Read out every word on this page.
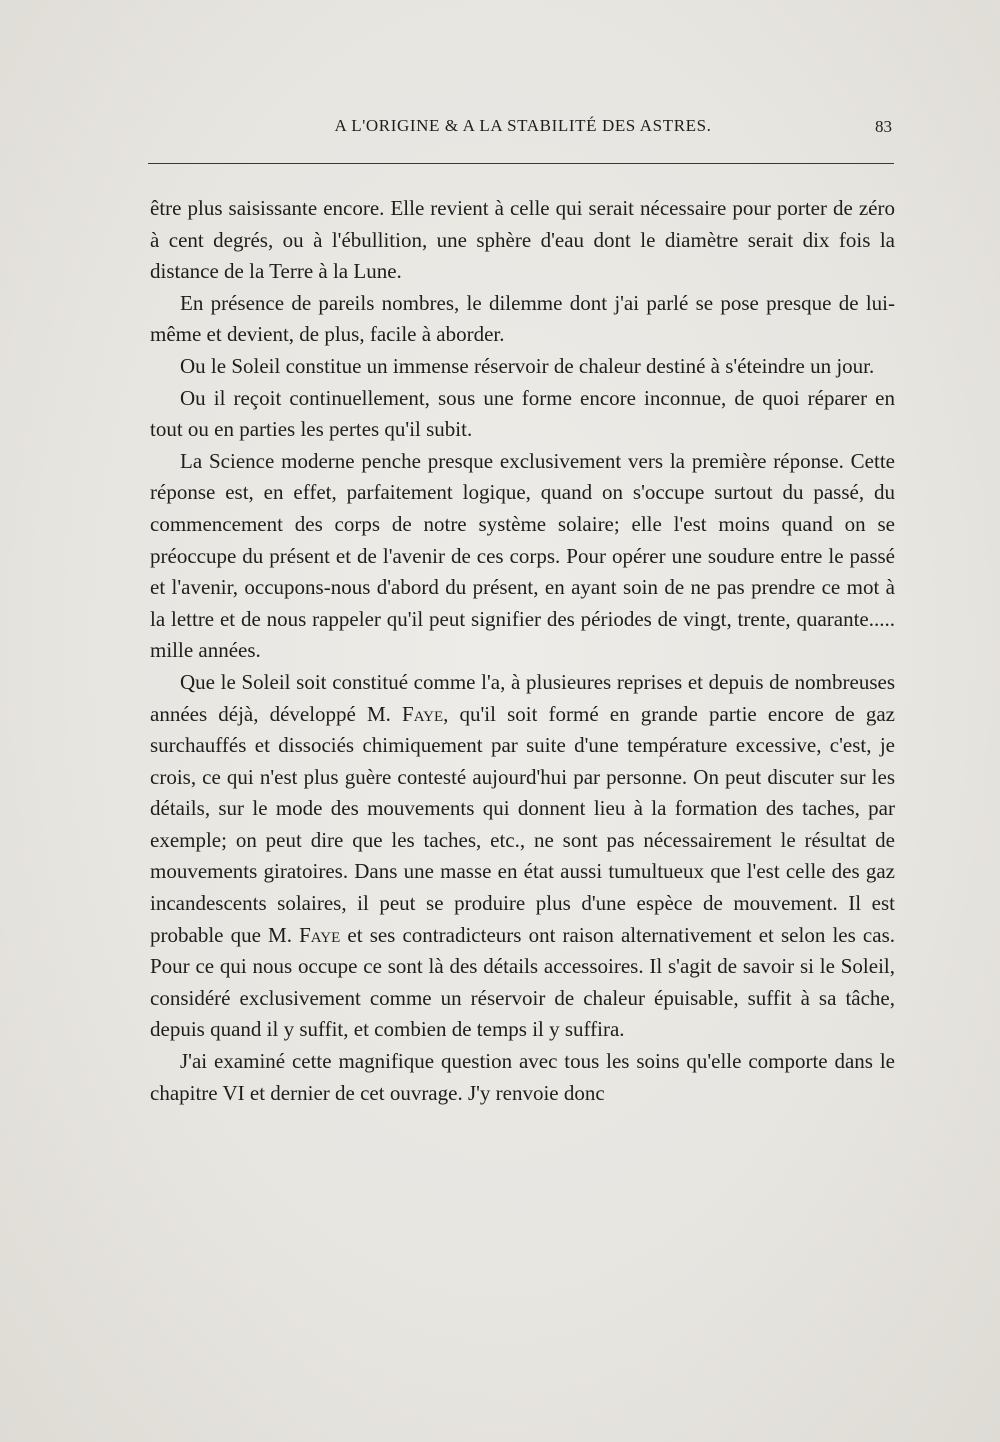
A L'ORIGINE & A LA STABILITÉ DES ASTRES.	83

être plus saisissante encore. Elle revient à celle qui serait nécessaire pour porter de zéro à cent degrés, ou à l'ébullition, une sphère d'eau dont le diamètre serait dix fois la distance de la Terre à la Lune.

En présence de pareils nombres, le dilemme dont j'ai parlé se pose presque de lui-même et devient, de plus, facile à aborder.

Ou le Soleil constitue un immense réservoir de chaleur destiné à s'éteindre un jour.

Ou il reçoit continuellement, sous une forme encore inconnue, de quoi réparer en tout ou en parties les pertes qu'il subit.

La Science moderne penche presque exclusivement vers la première réponse. Cette réponse est, en effet, parfaitement logique, quand on s'occupe surtout du passé, du commencement des corps de notre système solaire; elle l'est moins quand on se préoccupe du présent et de l'avenir de ces corps. Pour opérer une soudure entre le passé et l'avenir, occupons-nous d'abord du présent, en ayant soin de ne pas prendre ce mot à la lettre et de nous rappeler qu'il peut signifier des périodes de vingt, trente, quarante..... mille années.

Que le Soleil soit constitué comme l'a, à plusieures reprises et depuis de nombreuses années déjà, développé M. Faye, qu'il soit formé en grande partie encore de gaz surchauffés et dissociés chimiquement par suite d'une température excessive, c'est, je crois, ce qui n'est plus guère contesté aujourd'hui par personne. On peut discuter sur les détails, sur le mode des mouvements qui donnent lieu à la formation des taches, par exemple; on peut dire que les taches, etc., ne sont pas nécessairement le résultat de mouvements giratoires. Dans une masse en état aussi tumultueux que l'est celle des gaz incandescents solaires, il peut se produire plus d'une espèce de mouvement. Il est probable que M. Faye et ses contradicteurs ont raison alternativement et selon les cas. Pour ce qui nous occupe ce sont là des détails accessoires. Il s'agit de savoir si le Soleil, considéré exclusivement comme un réservoir de chaleur épuisable, suffit à sa tâche, depuis quand il y suffit, et combien de temps il y suffira.

J'ai examiné cette magnifique question avec tous les soins qu'elle comporte dans le chapitre VI et dernier de cet ouvrage. J'y renvoie donc
